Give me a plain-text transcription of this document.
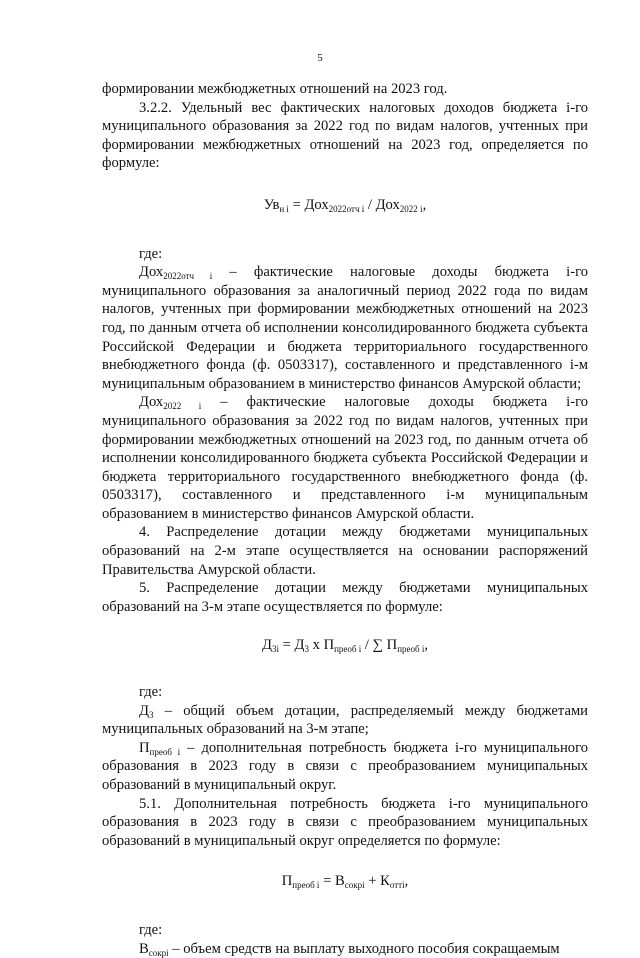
5

формировании межбюджетных отношений на 2023 год.

3.2.2. Удельный вес фактических налоговых доходов бюджета i-го муниципального образования за 2022 год по видам налогов, учтенных при формировании межбюджетных отношений на 2023 год, определяется по формуле:

$Ув_{н i} = Дох_{2022отч i} / Дох_{2022 i}$,

где:

Дох$_{2022отч i}$ – фактические налоговые доходы бюджета i-го муниципального образования за аналогичный период 2022 года по видам налогов, учтенных при формировании межбюджетных отношений на 2023 год, по данным отчета об исполнении консолидированного бюджета субъекта Российской Федерации и бюджета территориального государственного внебюджетного фонда (ф. 0503317), составленного и представленного i-м муниципальным образованием в министерство финансов Амурской области;

Дох$_{2022 i}$ – фактические налоговые доходы бюджета i-го муниципального образования за 2022 год по видам налогов, учтенных при формировании межбюджетных отношений на 2023 год, по данным отчета об исполнении консолидированного бюджета субъекта Российской Федерации и бюджета территориального государственного внебюджетного фонда (ф. 0503317), составленного и представленного i-м муниципальным образованием в министерство финансов Амурской области.

4. Распределение дотации между бюджетами муниципальных образований на 2-м этапе осуществляется на основании распоряжений Правительства Амурской области.

5. Распределение дотации между бюджетами муниципальных образований на 3-м этапе осуществляется по формуле:

$Д_{3i} = Д_3$ x $П_{преоб i}$ / ∑ $П_{преоб i}$,

где:

$Д_3$ – общий объем дотации, распределяемый между бюджетами муниципальных образований на 3-м этапе;

$П_{преоб i}$ – дополнительная потребность бюджета i-го муниципального образования в 2023 году в связи с преобразованием муниципальных образований в муниципальный округ.

5.1. Дополнительная потребность бюджета i-го муниципального образования в 2023 году в связи с преобразованием муниципальных образований в муниципальный округ определяется по формуле:

$П_{преоб i} = В_{сокрi} + К_{оттi}$,

где:

$В_{сокрi}$ – объем средств на выплату выходного пособия сокращаемым
